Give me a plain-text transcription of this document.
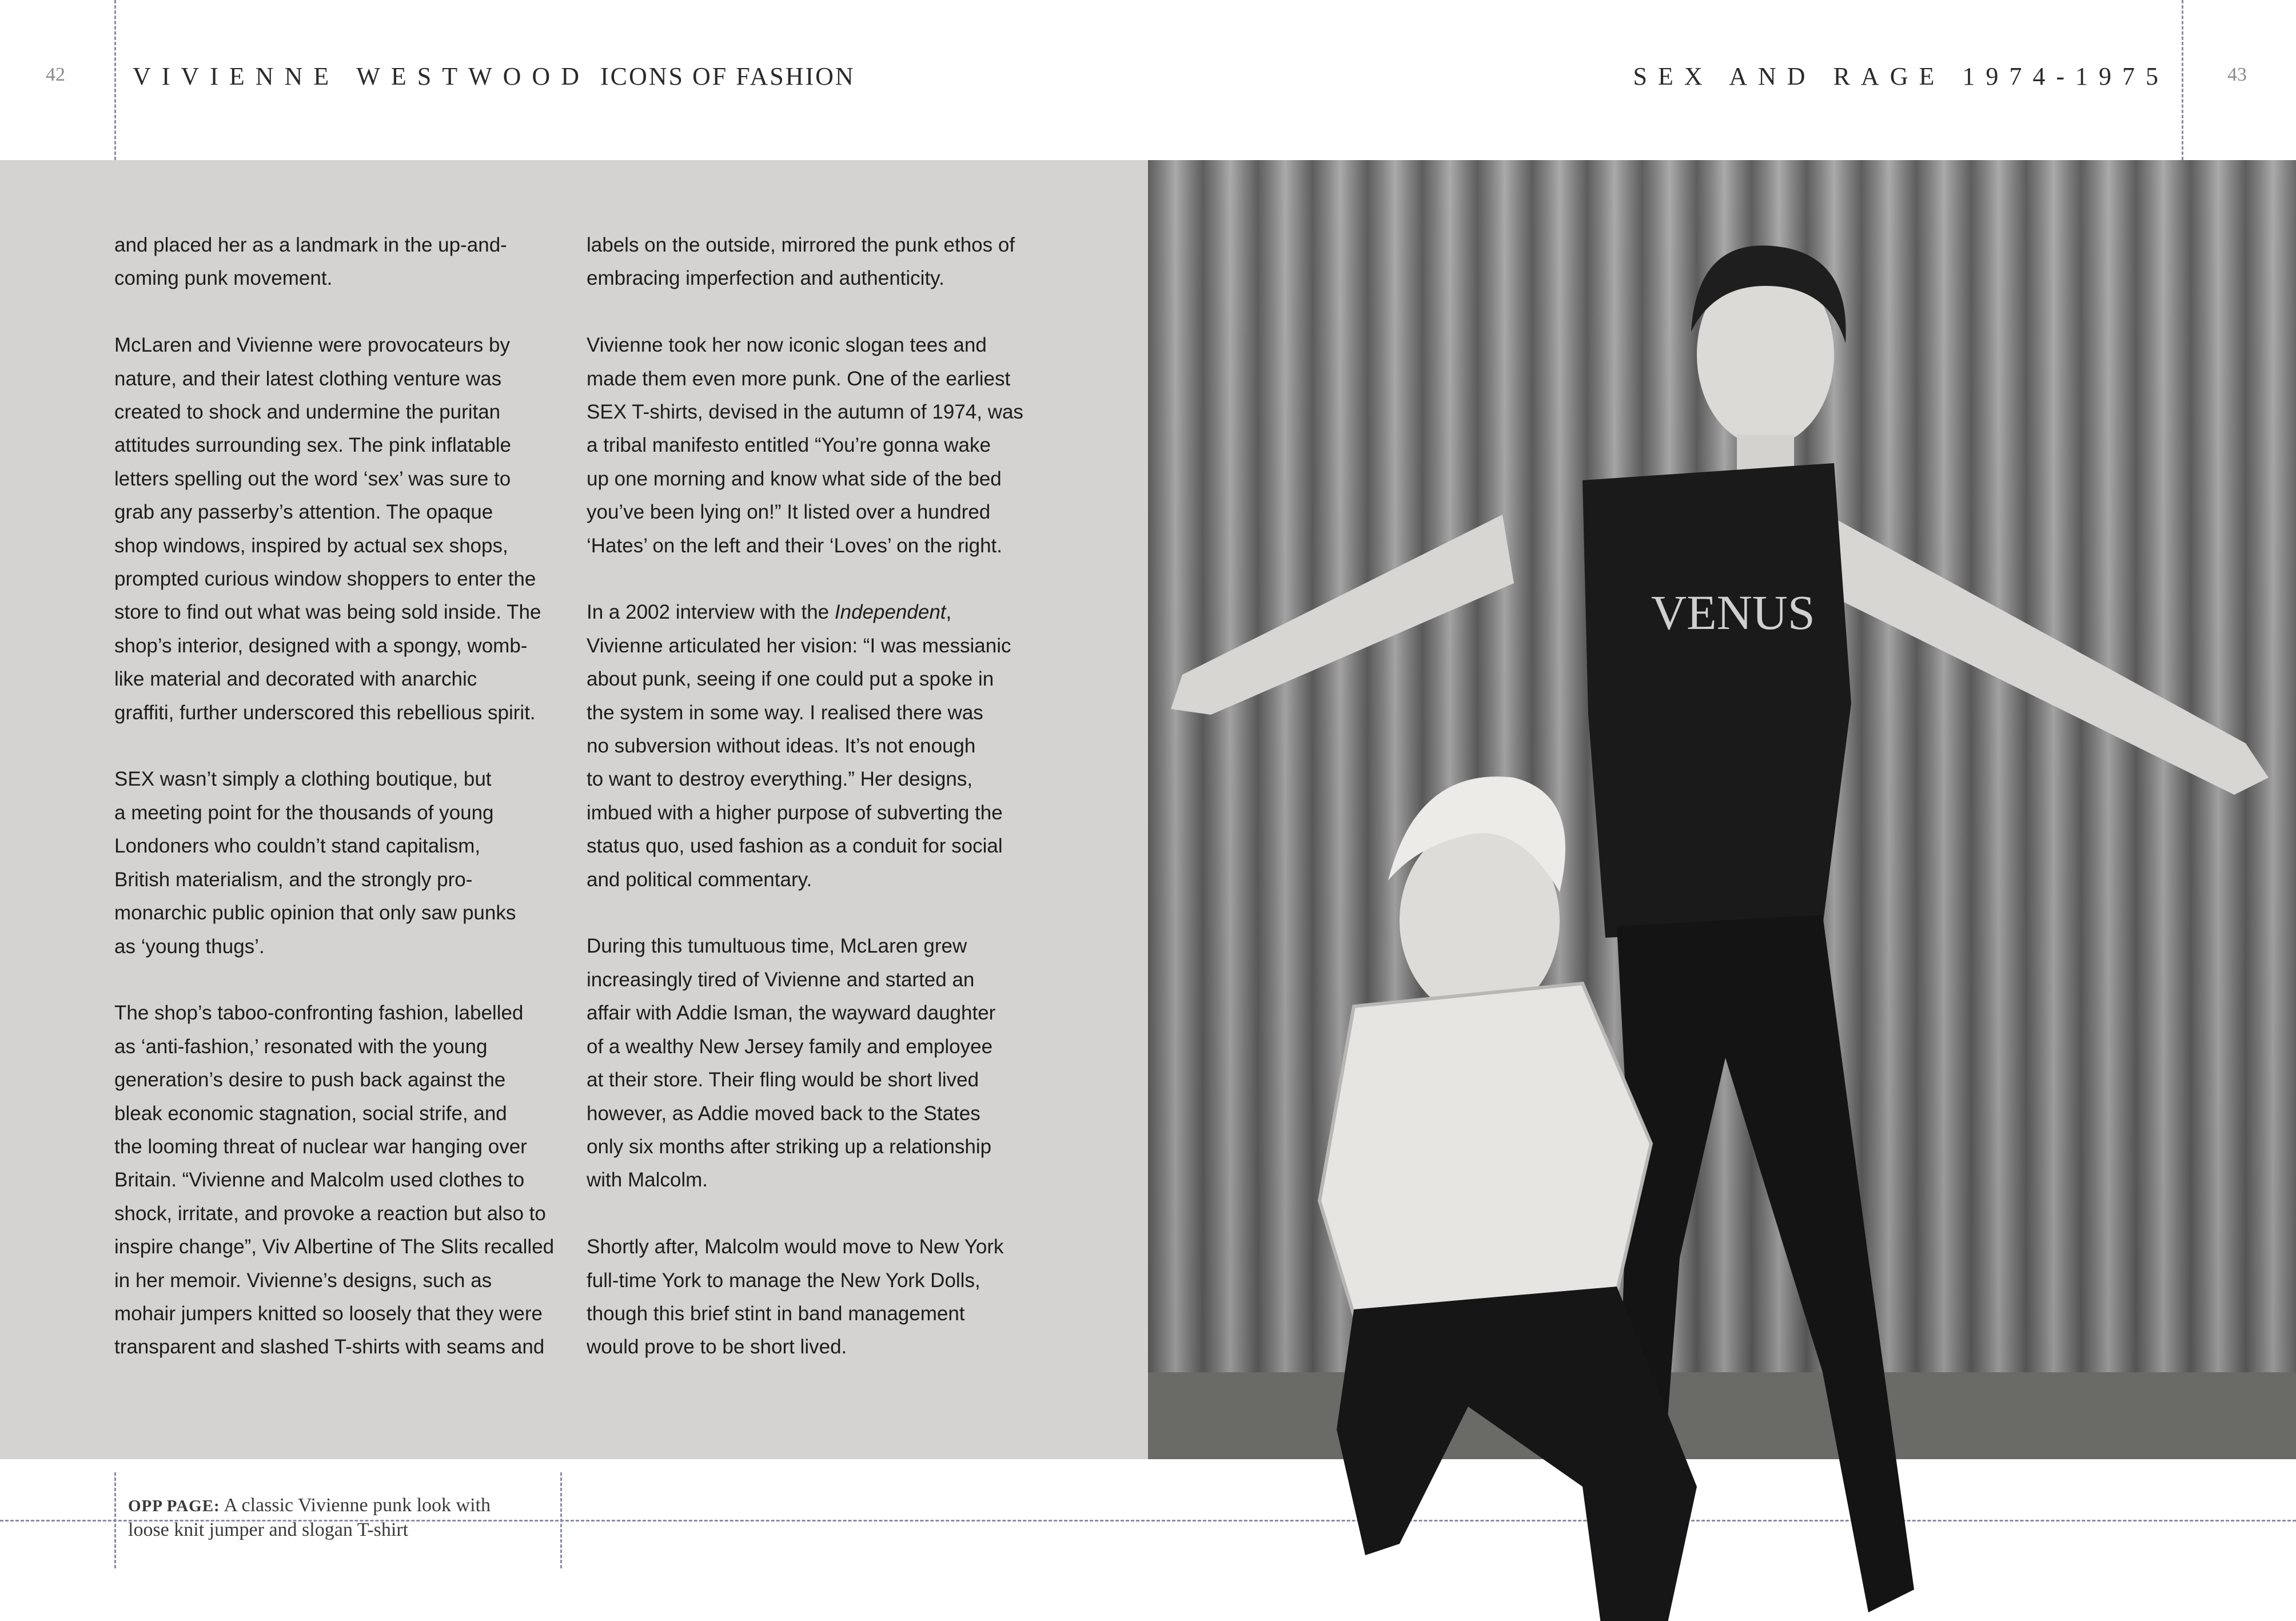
42	43
VIVIENNE WESTWOOD ICONS OF FASHION	SEX AND RAGE 1974-1975

and placed her as a landmark in the up-and-
coming punk movement.

McLaren and Vivienne were provocateurs by
nature, and their latest clothing venture was
created to shock and undermine the puritan
attitudes surrounding sex. The pink inflatable
letters spelling out the word ‘sex’ was sure to
grab any passerby’s attention. The opaque
shop windows, inspired by actual sex shops,
prompted curious window shoppers to enter the
store to find out what was being sold inside. The
shop’s interior, designed with a spongy, womb-
like material and decorated with anarchic
graffiti, further underscored this rebellious spirit.

SEX wasn’t simply a clothing boutique, but
a meeting point for the thousands of young
Londoners who couldn’t stand capitalism,
British materialism, and the strongly pro-
monarchic public opinion that only saw punks
as ‘young thugs’.

The shop’s taboo-confronting fashion, labelled
as ‘anti-fashion,’ resonated with the young
generation’s desire to push back against the
bleak economic stagnation, social strife, and
the looming threat of nuclear war hanging over
Britain. “Vivienne and Malcolm used clothes to
shock, irritate, and provoke a reaction but also to
inspire change”, Viv Albertine of The Slits recalled
in her memoir. Vivienne’s designs, such as
mohair jumpers knitted so loosely that they were
transparent and slashed T-shirts with seams and

labels on the outside, mirrored the punk ethos of
embracing imperfection and authenticity.

Vivienne took her now iconic slogan tees and
made them even more punk. One of the earliest
SEX T-shirts, devised in the autumn of 1974, was
a tribal manifesto entitled “You’re gonna wake
up one morning and know what side of the bed
you’ve been lying on!” It listed over a hundred
‘Hates’ on the left and their ‘Loves’ on the right.

In a 2002 interview with the Independent,
Vivienne articulated her vision: “I was messianic
about punk, seeing if one could put a spoke in
the system in some way. I realised there was
no subversion without ideas. It’s not enough
to want to destroy everything.” Her designs,
imbued with a higher purpose of subverting the
status quo, used fashion as a conduit for social
and political commentary.

During this tumultuous time, McLaren grew
increasingly tired of Vivienne and started an
affair with Addie Isman, the wayward daughter
of a wealthy New Jersey family and employee
at their store. Their fling would be short lived
however, as Addie moved back to the States
only six months after striking up a relationship
with Malcolm.

Shortly after, Malcolm would move to New York
full-time York to manage the New York Dolls,
though this brief stint in band management
would prove to be short lived.

VENUS
OPP PAGE: A classic Vivienne punk look with
loose knit jumper and slogan T-shirt
